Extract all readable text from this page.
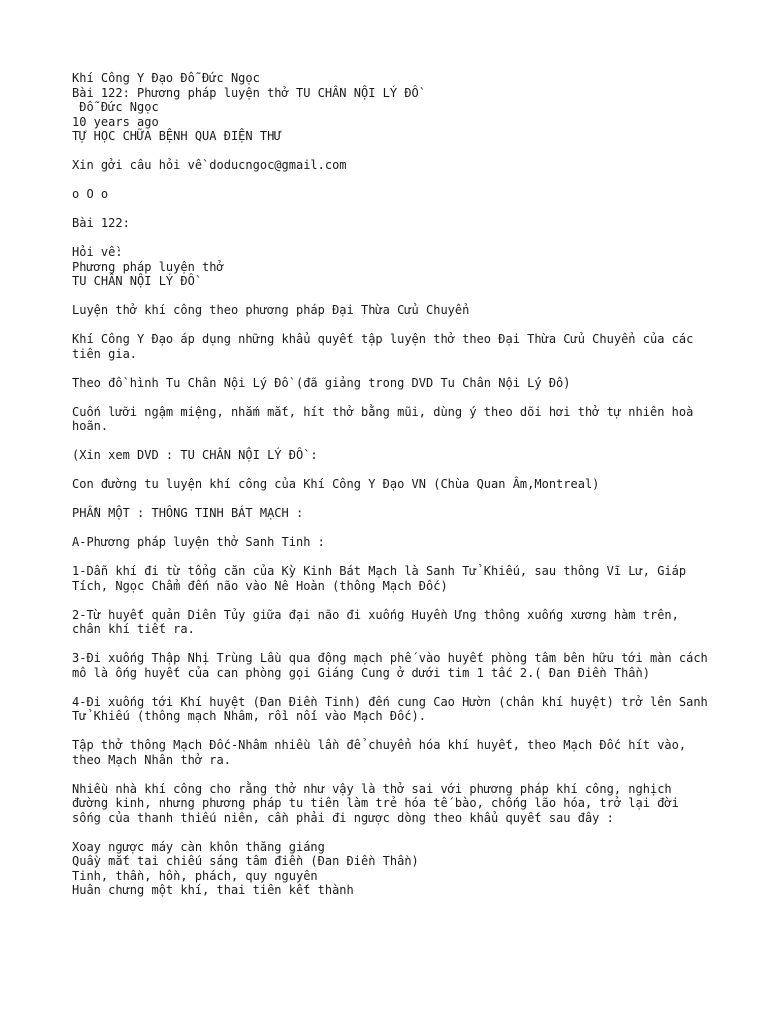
Khí Công Y Đạo Đỗ Đức Ngọc
Bài 122: Phương pháp luyện thở TU CHÂN NỘI LÝ ĐỒ
Đỗ Đức Ngọc
10 years ago
TỰ HỌC CHỮA BỆNH QUA ĐIỆN THƯ
Xin gởi câu hỏi về doducngoc@gmail.com
o O o
Bài 122:
Hỏi về:
Phương pháp luyện thở
TU CHÂN NỘI LÝ ĐỒ
Luyện thở khí công theo phương pháp Đại Thừa Cửu Chuyển
Khí Công Y Đạo áp dụng những khẩu quyết tập luyện thở theo Đại Thừa Cửu Chuyển của các tiên gia.
Theo đồ hình Tu Chân Nội Lý Đồ (đã giảng trong DVD Tu Chân Nội Lý Đồ)
Cuốn lưỡi ngậm miệng, nhắm mắt, hít thở bằng mũi, dùng ý theo dõi hơi thở tự nhiên hoà hoãn.
(Xin xem DVD : TU CHÂN NỘI LÝ ĐỒ :
Con đường tu luyện khí công của Khí Công Y Đạo VN (Chùa Quan Âm,Montreal)
PHẦN MỘT : THÔNG TINH BÁT MẠCH :
A-Phương pháp luyện thở Sanh Tinh :
1-Dẫn khí đi từ tổng căn của Kỳ Kinh Bát Mạch là Sanh Tử Khiếu, sau thông Vĩ Lư, Giáp Tích, Ngọc Chẩm đến não vào Nê Hoàn (thông Mạch Đốc)
2-Từ huyết quản Diên Tủy giữa đại não đi xuống Huyền Ưng thông xuống xương hàm trên, chân khí tiết ra.
3-Đi xuống Thập Nhị Trùng Lầu qua động mạch phế vào huyết phòng tâm bên hữu tới màn cách mô là ống huyết của can phòng gọi Giáng Cung ở dưới tim 1 tấc 2.( Đan Điền Thần)
4-Đi xuống tới Khí huyệt (Đan Điền Tinh) đến cung Cao Hườn (chân khí huyệt) trở lên Sanh Tử Khiếu (thông mạch Nhâm, rồi nối vào Mạch Đốc).
Tập thở thông Mạch Đốc-Nhâm nhiều lần để chuyển hóa khí huyết, theo Mạch Đốc hít vào, theo Mạch Nhân thở ra.
Nhiều nhà khí công cho rằng thở như vậy là thở sai với phương pháp khí công, nghịch đường kinh, nhưng phương pháp tu tiên làm trẻ hóa tế bào, chống lão hóa, trở lại đời sống của thanh thiếu niên, cần phải đi ngược dòng theo khẩu quyết sau đây :
Xoay ngược máy càn khôn thăng giáng
Quầy mắt tai chiếu sáng tâm điền (Đan Điền Thần)
Tinh, thần, hồn, phách, quy nguyên
Huân chưng một khí, thai tiên kết thành
